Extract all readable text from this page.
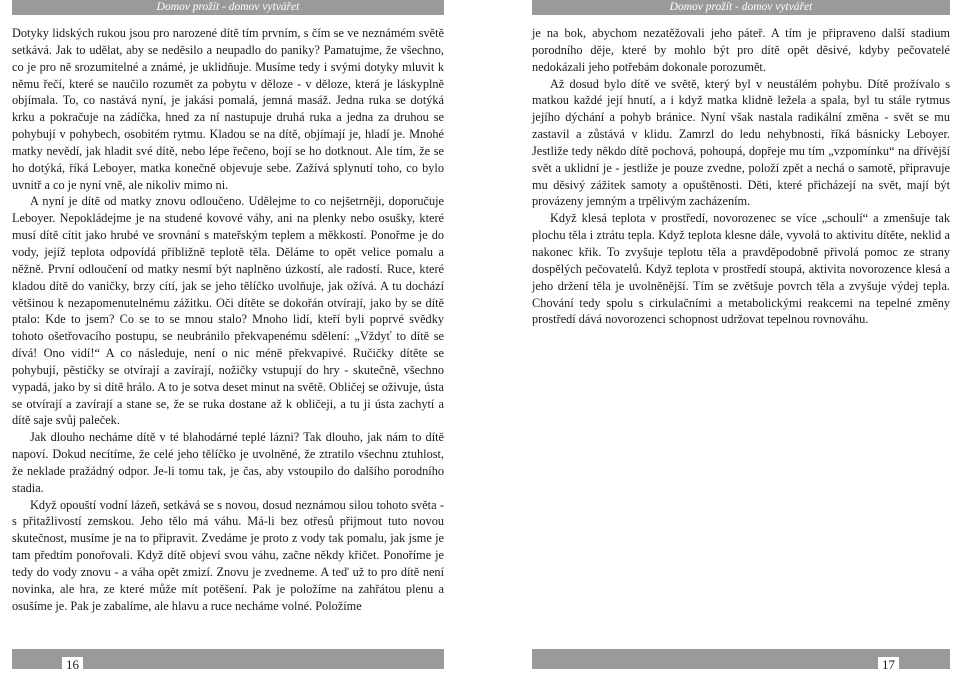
Domov prožít - domov vytvářet	Domov prožít - domov vytvářet

Dotyky lidských rukou jsou pro narozené dítě tím prvním, s čím se ve neznámém světě setkává. Jak to udělat, aby se neděsilo a neupadlo do paniky? Pamatujme, že všechno, co je pro ně srozumitelné a známé, je uklidňuje. Musíme tedy i svými dotyky mluvit k němu řečí, které se naučilo rozumět za pobytu v děloze - v děloze, která je láskyplně objímala. To, co nastává nyní, je jakási pomalá, jemná masáž. Jedna ruka se dotýká krku a pokračuje na zádíčka, hned za ní nastupuje druhá ruka a jedna za druhou se pohybují v pohybech, osobitém rytmu. Kladou se na dítě, objímají je, hladí je. Mnohé matky nevědí, jak hladit své dítě, nebo lépe řečeno, bojí se ho dotknout. Ale tím, že se ho dotýká, říká Leboyer, matka konečně objevuje sebe. Zažívá splynutí toho, co bylo uvnitř a co je nyní vně, ale nikoliv mimo ni.

A nyní je dítě od matky znovu odloučeno. Udělejme to co nejšetrněji, doporučuje Leboyer. Nepokládejme je na studené kovové váhy, ani na plenky nebo osušky, které musí dítě cítit jako hrubé ve srovnání s mateřským teplem a měkkostí. Ponořme je do vody, jejíž teplota odpovídá přibližně teplotě těla. Děláme to opět velice pomalu a něžně. První odloučení od matky nesmí být naplněno úzkostí, ale radostí. Ruce, které kladou dítě do vaničky, brzy cítí, jak se jeho tělíčko uvolňuje, jak ožívá. A tu dochází většinou k nezapomenutelnému zážitku. Oči dítěte se dokořán otvírají, jako by se dítě ptalo: Kde to jsem? Co se to se mnou stalo? Mnoho lidí, kteří byli poprvé svědky tohoto ošetřovacího postupu, se neubránilo překvapenému sdělení: „Vždyť to dítě se dívá! Ono vidí!“ A co následuje, není o nic méně překvapivé. Ručičky dítěte se pohybují, pěstičky se otvírají a zavírají, nožičky vstupují do hry - skutečně, všechno vypadá, jako by si dítě hrálo. A to je sotva deset minut na světě. Obličej se oživuje, ústa se otvírají a zavírají a stane se, že se ruka dostane až k obličeji, a tu ji ústa zachytí a dítě saje svůj paleček.

Jak dlouho necháme dítě v té blahodárné teplé lázni? Tak dlouho, jak nám to dítě napoví. Dokud necítíme, že celé jeho tělíčko je uvolněné, že ztratilo všechnu ztuhlost, že neklade pražádný odpor. Je-li tomu tak, je čas, aby vstoupilo do dalšího porodního stadia.

Když opouští vodní lázeň, setkává se s novou, dosud neznámou silou tohoto světa - s přitažlivostí zemskou. Jeho tělo má váhu. Má-li bez otřesů přijmout tuto novou skutečnost, musíme je na to připravit. Zvedáme je proto z vody tak pomalu, jak jsme je tam předtím ponořovali. Když dítě objeví svou váhu, začne někdy křičet. Ponoříme je tedy do vody znovu - a váha opět zmizí. Znovu je zvedneme. A teď už to pro dítě není novinka, ale hra, ze které může mít potěšení. Pak je položíme na zahřátou plenu a osušíme je. Pak je zabalíme, ale hlavu a ruce necháme volné. Položíme

je na bok, abychom nezatěžovali jeho páteř. A tím je připraveno další stadium porodního děje, které by mohlo být pro dítě opět děsivé, kdyby pečovatelé nedokázali jeho potřebám dokonale porozumět.

Až dosud bylo dítě ve světě, který byl v neustálém pohybu. Dítě prožívalo s matkou každé její hnutí, a i když matka klidně ležela a spala, byl tu stále rytmus jejího dýchání a pohyb bránice. Nyní však nastala radikální změna - svět se mu zastavil a zůstává v klidu. Zamrzl do ledu nehybnosti, říká básnicky Leboyer. Jestliže tedy někdo dítě pochová, pohoupá, dopřeje mu tím „vzpomínku“ na dřívější svět a uklidní je - jestliže je pouze zvedne, položí zpět a nechá o samotě, připravuje mu děsivý zážitek samoty a opuštěnosti. Děti, které přicházejí na svět, mají být provázeny jemným a trpělivým zacházením.

Když klesá teplota v prostředí, novorozenec se více „schoulí“ a zmenšuje tak plochu těla i ztrátu tepla. Když teplota klesne dále, vyvolá to aktivitu dítěte, neklid a nakonec křik. To zvyšuje teplotu těla a pravděpodobně přivolá pomoc ze strany dospělých pečovatelů. Když teplota v prostředí stoupá, aktivita novorozence klesá a jeho držení těla je uvolněnější. Tím se zvětšuje povrch těla a zvyšuje výdej tepla. Chování tedy spolu s cirkulačními a metabolickými reakcemi na tepelné změny prostředí dává novorozenci schopnost udržovat tepelnou rovnováhu.

16	17
